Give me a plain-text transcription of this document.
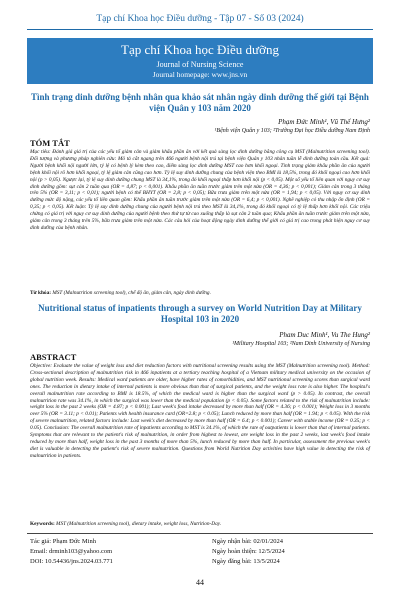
Tạp chí Khoa học Điều dưỡng - Tập 07 - Số 03 (2024)
Tạp chí Khoa học Điều dưỡng
Journal of Nursing Science
Journal homepage: www.jns.vn
Tình trạng dinh dưỡng bệnh nhân qua khảo sát nhân ngày dinh dưỡng thế giới tại Bệnh viện Quân y 103 năm 2020
Phạm Đức Minh¹, Vũ Thế Hưng²
¹Bệnh viện Quân y 103; ²Trường Đại học Điều dưỡng Nam Định
TÓM TẮT
Mục tiêu: Đánh giá giá trị của các yếu tố giảm cân và giảm khẩu phần ăn với kết quả sàng lọc dinh dưỡng bằng công cụ MST (Malnutrition screening tool). Đối tượng và phương pháp nghiên cứu: Mô tả cắt ngang trên 466 người bệnh nội trú tại bệnh viện Quân y 103 nhân tuần lễ dinh dưỡng toàn cầu. Kết quả: Người bệnh khối nội người lớn, tỷ lệ có bệnh lý kèm theo cao, điểm sàng lọc dinh dưỡng MST cao hơn khối ngoại. Tình trạng giảm khẩu phần ăn của người bệnh khối nội rõ hơn khối ngoại, tỷ lệ giảm cân cũng cao hơn. Tỷ lệ suy dinh dưỡng chung của bệnh viện theo BMI là 18,5%, trong đó khối ngoại cao hơn khối nội (p > 0,05). Ngược lại, tỷ lệ suy dinh dưỡng chung MST là 34,1%, trong đó khối ngoại thấp hơn khối nội (p < 0,05). Một số yếu tố liên quan với nguy cơ suy dinh dưỡng gồm: sụt cân 2 tuần qua (OR = 4,87; p < 0,001). Khẩu phần ăn tuần trước giảm trên một nửa (OR = 4,36; p < 0,001); Giảm cân trong 3 tháng trên 5% (OR = 3,11; p < 0,01); người bệnh có thể BHYT (OR = 2,8; p < 0,05); Bữa trưa giảm trên một nửa (OR = 1,94; p < 0,05). Với nguy cơ suy dinh dưỡng mức độ nặng, các yếu tố liên quan gồm: Khẩu phần ăn tuần trước giảm trên một nửa (OR = 6,4; p < 0,001). Nghề nghiệp có thu nhập ổn định (OR = 0,35; p < 0,05). Kết luận: Tỷ lệ suy dinh dưỡng chung của người bệnh nội trú theo MST là 34,1%, trong đó khối ngoại có tỷ lệ thấp hơn khối nội. Các triệu chứng có giá trị với nguy cơ suy dinh dưỡng của người bệnh theo thứ tự từ cao xuống thấp là sụt cân 2 tuần qua; Khẩu phần ăn tuần trước giảm trên một nửa, giảm cân trong 3 tháng trên 5%, bữa trưa giảm trên một nửa. Các câu hỏi của hoạt động ngày dinh dưỡng thế giới có giá trị cao trong phát hiện nguy cơ suy dinh dưỡng của bệnh nhân.
Từ khóa: MST (Malnutrition screening tool), chế độ ăn, giảm cân, ngày dinh dưỡng.
Nutritional status of inpatients through a survey on World Nutrition Day at Military Hospital 103 in 2020
Pham Duc Minh¹, Vu The Hung²
¹Military Hospital 103; ²Nam Dinh University of Nursing
ABSTRACT
Objective: Evaluate the value of weight loss and diet reduction factors with nutritional screening results using the MST (Malnutrition screening tool). Method: Cross-sectional description of malnutrition risk in 466 inpatients at a tertiary teaching hospital of a Vietnam military medical university on the occasion of global nutrition week. Results: Medical ward patients are older, have higher rates of comorbidities, and MST nutritional screening scores than surgical ward ones. The reduction in dietary intake of internal patients is more obvious than that of surgical patients, and the weight loss rate is also higher. The hospital's overall malnutrition rate according to BMI is 18.5%, of which the medical ward is higher than the surgical ward (p > 0.05). In contrast, the overall malnutrition rate was 34.1%, in which the surgical was lower than the medical population (p < 0.05). Some factors related to the risk of malnutrition include: weight loss in the past 2 weeks (OR = 4.87; p < 0.001); Last week's food intake decreased by more than half (OR = 4.36; p < 0.001); Weight loss in 3 months over 5% (OR = 3.11; p < 0.01); Patients with health insurance card (OR=2.8; p < 0.05); Lunch reduced by more than half (OR = 1.94; p < 0.05). With the risk of severe malnutrition, related factors include: Last week's diet decreased by more than half (OR = 6.4; p < 0.001); Career with stable income (OR = 0.35; p < 0.05). Conclusion: The overall malnutrition rate of inpatients according to MST is 34.1%, of which the rate of outpatients is lower than that of internal patients. Symptoms that are relevant to the patient's risk of malnutrition, in order from highest to lowest, are weight loss in the past 2 weeks, last week's food intake reduced by more than half, weight loss in the past 3 months of more than 5%, lunch reduced by more than half. In particular, assessment the previous week's diet is valuable in detecting the patient's risk of severe malnutrition. Questions from World Nutrition Day activities have high value in detecting the risk of malnutrition in patients.
Keywords: MST (Malnutrition screening tool), dietary intake, weight loss, Nutrition-Day.
Tác giả: Phạm Đức Minh
Email: drminh103@yahoo.com
DOI: 10.54436/jns.2024.03.771
Ngày nhận bài: 02/01/2024
Ngày hoàn thiện: 12/5/2024
Ngày đăng bài: 13/5/2024
44
